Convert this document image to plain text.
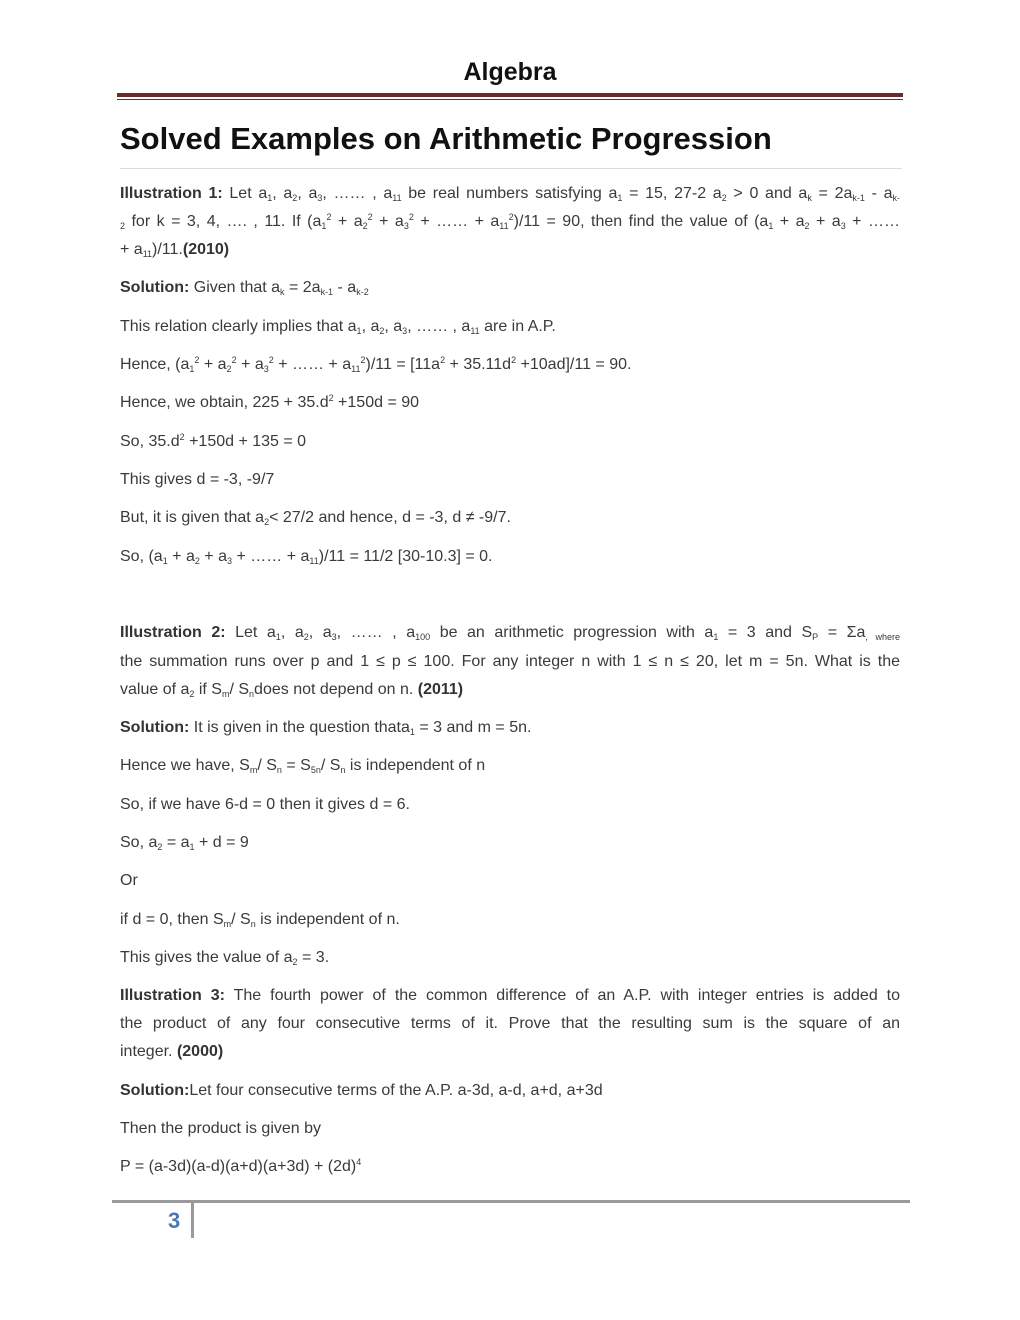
Algebra
Solved Examples on Arithmetic Progression
Illustration 1: Let $a_1$, $a_2$, $a_3$, …… , $a_{11}$ be real numbers satisfying $a_1 = 15$, 27-2 $a_2 > 0$ and $a_k = 2a_{k-1} - a_{k-}$
$_2$ for k = 3, 4, …. , 11. If ($a_1^2 + a_2^2 + a_3^2$ + …… + $a_{11}^2)/11 = 90$, then find the value of ($a_1 + a_2 + a_3$ + ……
+ $a_{11})/11.(2010)$
Solution: Given that $a_k = 2a_{k-1} - a_{k-2}$
This relation clearly implies that $a_1$, $a_2$, $a_3$, …… , $a_{11}$ are in A.P.
Hence, ($a_1^2 + a_2^2 + a_3^2$ + …… + $a_{11}^2)/11 = [11a^2 + 35.11d^2 +10ad]/11 = 90$.
Hence, we obtain, $225 + 35.d^2 +150d = 90$
So, $35.d^2 +150d + 135 = 0$
This gives d = -3, -9/7
But, it is given that $a_2< 27/2$ and hence, d = -3, d ≠ -9/7.
So, ($a_1 + a_2 + a_3$ + …… + $a_{11})/11 = 11/2$ [30-10.3] = 0.
Illustration 2: Let $a_1$, $a_2$, $a_3$, …… , $a_{100}$ be an arithmetic progression with $a_1 = 3$ and $S_P = \Sigma a_{, where}$
the summation runs over p and 1 ≤ p ≤ 100. For any integer n with 1 ≤ n ≤ 20, let m = 5n. What is the
value of $a_2$ if $S_m/$ $S_ndoes$ not depend on n. (2011)
Solution: It is given in the question thata$_1$ = 3 and m = 5n.
Hence we have, $S_m/$ $S_n = S_{5n}/$ $S_n$ is independent of n
So, if we have 6-d = 0 then it gives d = 6.
So, $a_2 = a_1 + d = 9$
Or
if d = 0, then $S_m/$ $S_n$ is independent of n.
This gives the value of $a_2 = 3$.
Illustration 3: The fourth power of the common difference of an A.P. with integer entries is added to
the product of any four consecutive terms of it. Prove that the resulting sum is the square of an
integer. (2000)
Solution:Let four consecutive terms of the A.P. a-3d, a-d, a+d, a+3d
Then the product is given by
$P = (a-3d)(a-d)(a+d)(a+3d) + (2d)^4$
3
